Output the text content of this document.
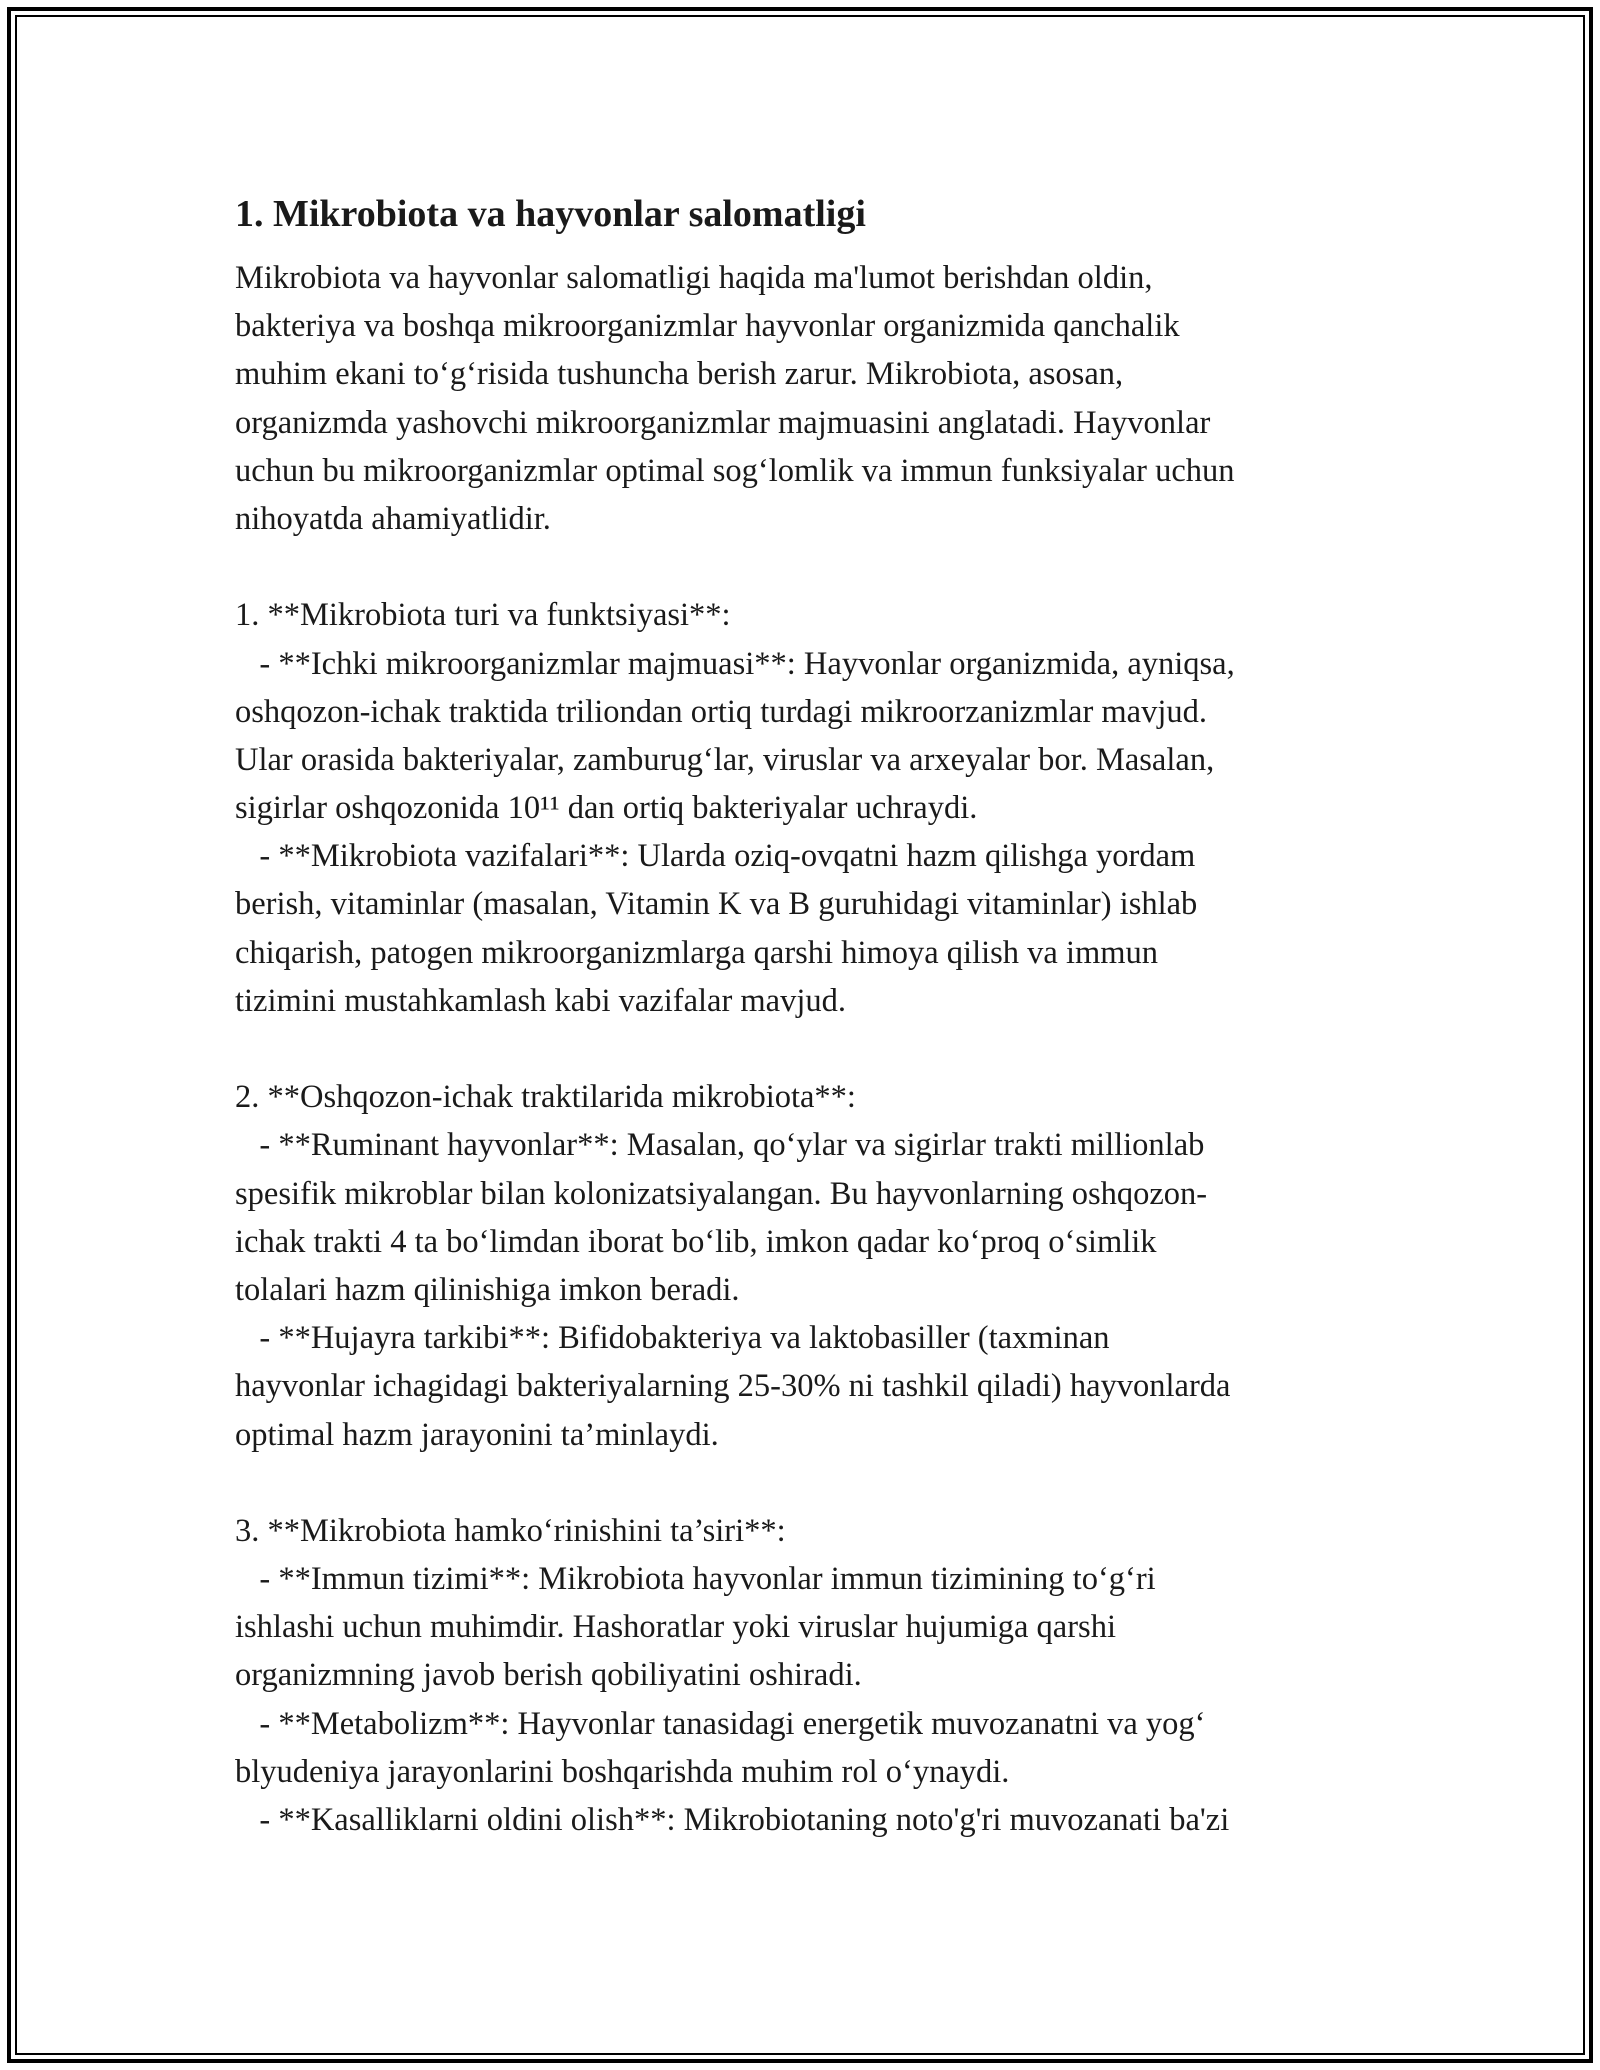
1. Mikrobiota va hayvonlar salomatligi
Mikrobiota va hayvonlar salomatligi haqida ma'lumot berishdan oldin,
bakteriya va boshqa mikroorganizmlar hayvonlar organizmida qanchalik
muhim ekani to‘g‘risida tushuncha berish zarur. Mikrobiota, asosan,
organizmda yashovchi mikroorganizmlar majmuasini anglatadi. Hayvonlar
uchun bu mikroorganizmlar optimal sog‘lomlik va immun funksiyalar uchun
nihoyatda ahamiyatlidir.
1. **Mikrobiota turi va funktsiyasi**:
- **Ichki mikroorganizmlar majmuasi**: Hayvonlar organizmida, ayniqsa,
oshqozon-ichak traktida triliondan ortiq turdagi mikroorzanizmlar mavjud.
Ular orasida bakteriyalar, zamburug‘lar, viruslar va arxeyalar bor. Masalan,
sigirlar oshqozonida 10¹¹ dan ortiq bakteriyalar uchraydi.
- **Mikrobiota vazifalari**: Ularda oziq-ovqatni hazm qilishga yordam
berish, vitaminlar (masalan, Vitamin K va B guruhidagi vitaminlar) ishlab
chiqarish, patogen mikroorganizmlarga qarshi himoya qilish va immun
tizimini mustahkamlash kabi vazifalar mavjud.
2. **Oshqozon-ichak traktilarida mikrobiota**:
- **Ruminant hayvonlar**: Masalan, qo‘ylar va sigirlar trakti millionlab
spesifik mikroblar bilan kolonizatsiyalangan. Bu hayvonlarning oshqozon-
ichak trakti 4 ta bo‘limdan iborat bo‘lib, imkon qadar ko‘proq o‘simlik
tolalari hazm qilinishiga imkon beradi.
- **Hujayra tarkibi**: Bifidobakteriya va laktobasiller (taxminan
hayvonlar ichagidagi bakteriyalarning 25-30% ni tashkil qiladi) hayvonlarda
optimal hazm jarayonini ta’minlaydi.
3. **Mikrobiota hamko‘rinishini ta’siri**:
- **Immun tizimi**: Mikrobiota hayvonlar immun tizimining to‘g‘ri
ishlashi uchun muhimdir. Hashoratlar yoki viruslar hujumiga qarshi
organizmning javob berish qobiliyatini oshiradi.
- **Metabolizm**: Hayvonlar tanasidagi energetik muvozanatni va yog‘
blyudeniya jarayonlarini boshqarishda muhim rol o‘ynaydi.
- **Kasalliklarni oldini olish**: Mikrobiotaning noto'g'ri muvozanati ba'zi
